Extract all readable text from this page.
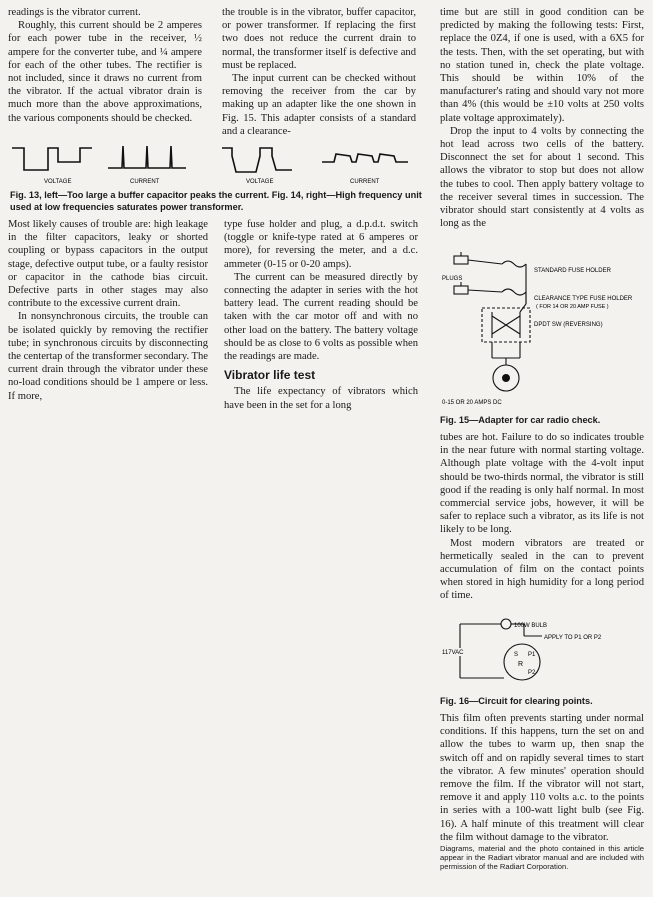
readings is the vibrator current.

Roughly, this current should be 2 amperes for each power tube in the receiver, ½ ampere for the converter tube, and ¼ ampere for each of the other tubes. The rectifier is not included, since it draws no current from the vibrator. If the actual vibrator drain is much more than the above approximations, the various components should be checked.

the trouble is in the vibrator, buffer capacitor, or power transformer. If replacing the first two does not reduce the current drain to normal, the transformer itself is defective and must be replaced.

The input current can be checked without removing the receiver from the car by making up an adapter like the one shown in Fig. 15. This adapter consists of a standard and a clearance-

VOLTAGE	CURRENT	VOLTAGE	CURRENT
Fig. 13, left—Too large a buffer capacitor peaks the current. Fig. 14, right—High frequency unit used at low frequencies saturates power transformer.

Most likely causes of trouble are: high leakage in the filter capacitors, leaky or shorted coupling or bypass capacitors in the output stage, defective output tube, or a faulty resistor or capacitor in the cathode bias circuit. Defective parts in other stages may also contribute to the excessive current drain.

In nonsynchronous circuits, the trouble can be isolated quickly by removing the rectifier tube; in synchronous circuits by disconnecting the centertap of the transformer secondary. The current drain through the vibrator under these no-load conditions should be 1 ampere or less. If more,

type fuse holder and plug, a d.p.d.t. switch (toggle or knife-type rated at 6 amperes or more), for reversing the meter, and a d.c. ammeter (0-15 or 0-20 amps).

The current can be measured directly by connecting the adapter in series with the hot battery lead. The current reading should be taken with the car motor off and with no other load on the battery. The battery voltage should be as close to 6 volts as possible when the readings are made.

Vibrator life test

The life expectancy of vibrators which have been in the set for a long

time but are still in good condition can be predicted by making the following tests: First, replace the 0Z4, if one is used, with a 6X5 for the tests. Then, with the set operating, but with no station tuned in, check the plate voltage. This should be within 10% of the manufacturer's rating and should vary not more than 4% (this would be ±10 volts at 250 volts plate voltage approximately).

Drop the input to 4 volts by connecting the hot lead across two cells of the battery. Disconnect the set for about 1 second. This allows the vibrator to stop but does not allow the tubes to cool. Then apply battery voltage to the receiver several times in succession. The vibrator should start consistently at 4 volts as long as the

PLUGS
STANDARD FUSE HOLDER
CLEARANCE TYPE FUSE HOLDER
( FOR 14 OR 20 AMP FUSE )
DPDT SW (REVERSING)
0-15 OR 20 AMPS DC
Fig. 15—Adapter for car radio check.

tubes are hot. Failure to do so indicates trouble in the near future with normal starting voltage. Although plate voltage with the 4-volt input should be two-thirds normal, the vibrator is still good if the reading is only half normal. In most commercial service jobs, however, it will be safer to replace such a vibrator, as its life is not likely to be long.

Most modern vibrators are treated or hermetically sealed in the can to prevent accumulation of film on the contact points when stored in high humidity for a long period of time.

100W BULB
APPLY TO P1 OR P2
117VAC
R
P1
P2
S
Fig. 16—Circuit for clearing points.

This film often prevents starting under normal conditions. If this happens, turn the set on and allow the tubes to warm up, then snap the switch off and on rapidly several times to start the vibrator. A few minutes' operation should remove the film. If the vibrator will not start, remove it and apply 110 volts a.c. to the points in series with a 100-watt light bulb (see Fig. 16). A half minute of this treatment will clear the film without damage to the vibrator.

Diagrams, material and the photo contained in this article appear in the Radiart vibrator manual and are included with permission of the Radiart Corporation.
